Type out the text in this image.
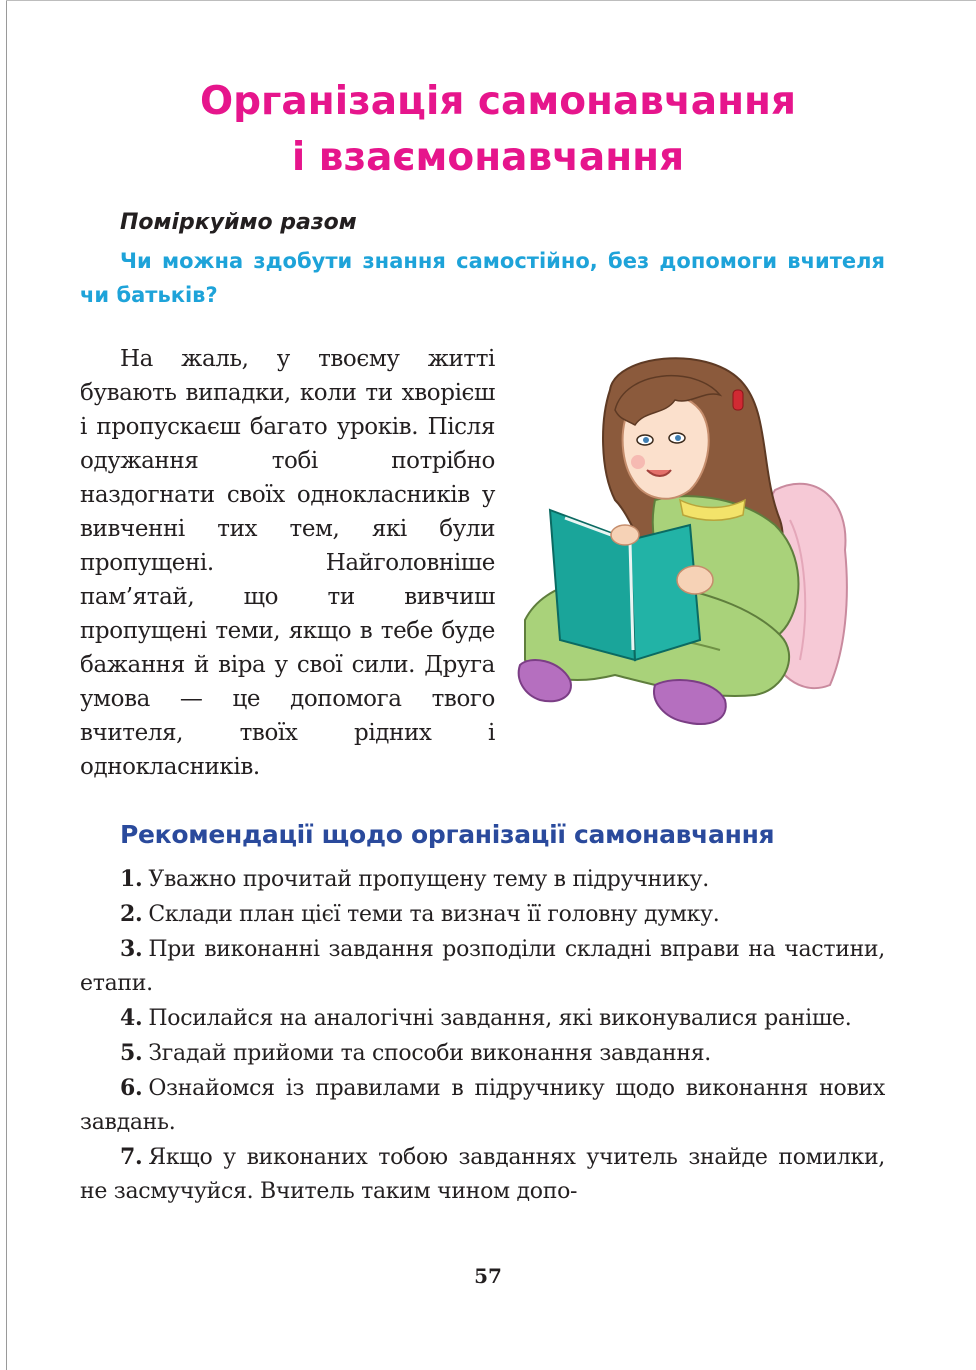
Організація самонавчання
і взаємонавчання
Поміркуймо разом
Чи можна здобути знання самостійно, без допомоги вчителя чи батьків?

На жаль, у твоєму житті бувають випадки, коли ти хворієш і пропускаєш багато уроків. Після одужання тобі потрібно наздогнати своїх однокласників у вивченні тих тем, які були пропущені. Найголовніше пам’ятай, що ти вивчиш пропущені теми, якщо в тебе буде бажання й віра у свої сили. Друга умова — це допомога твого вчителя, твоїх рідних і однокласників.

Рекомендації щодо організації самонавчання
1. Уважно прочитай пропущену тему в підручнику.
2. Склади план цієї теми та визнач її головну думку.
3. При виконанні завдання розподіли складні вправи на частини, етапи.
4. Посилайся на аналогічні завдання, які виконувалися раніше.
5. Згадай прийоми та способи виконання завдання.
6. Ознайомся із правилами в підручнику щодо виконання нових завдань.
7. Якщо у виконаних тобою завданнях учитель знайде помилки, не засмучуйся. Вчитель таким чином допо-
57
